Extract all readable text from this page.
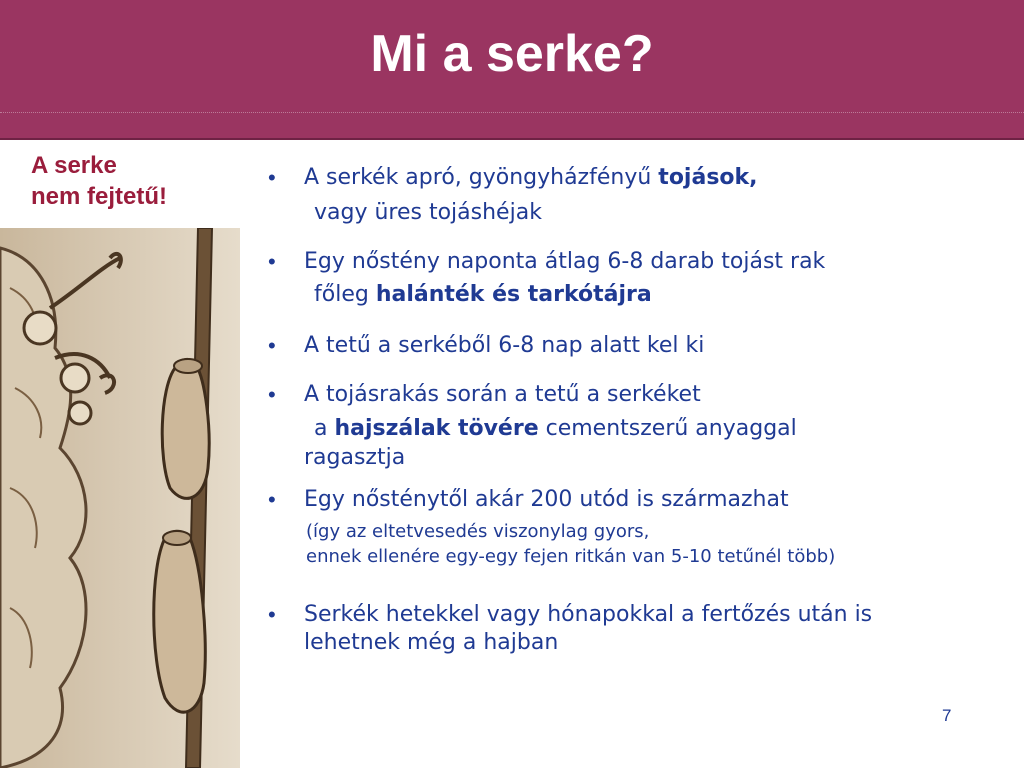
Mi a serke?
A serke
nem fejtetű!
• A serkék apró, gyöngyházfényű tojások,
vagy üres tojáshéjak
• Egy nőstény naponta átlag 6-8 darab tojást rak
főleg halánték és tarkótájra
• A tetű a serkéből 6-8 nap alatt kel ki
• A tojásrakás során a tetű a serkéket
a hajszálak tövére cementszerű anyaggal
ragasztja
• Egy nősténytől akár 200 utód is származhat
(így az eltetvesedés viszonylag gyors,
ennek ellenére egy-egy fejen ritkán van 5-10 tetűnél több)
• Serkék hetekkel vagy hónapokkal a fertőzés után is
lehetnek még a hajban
7
